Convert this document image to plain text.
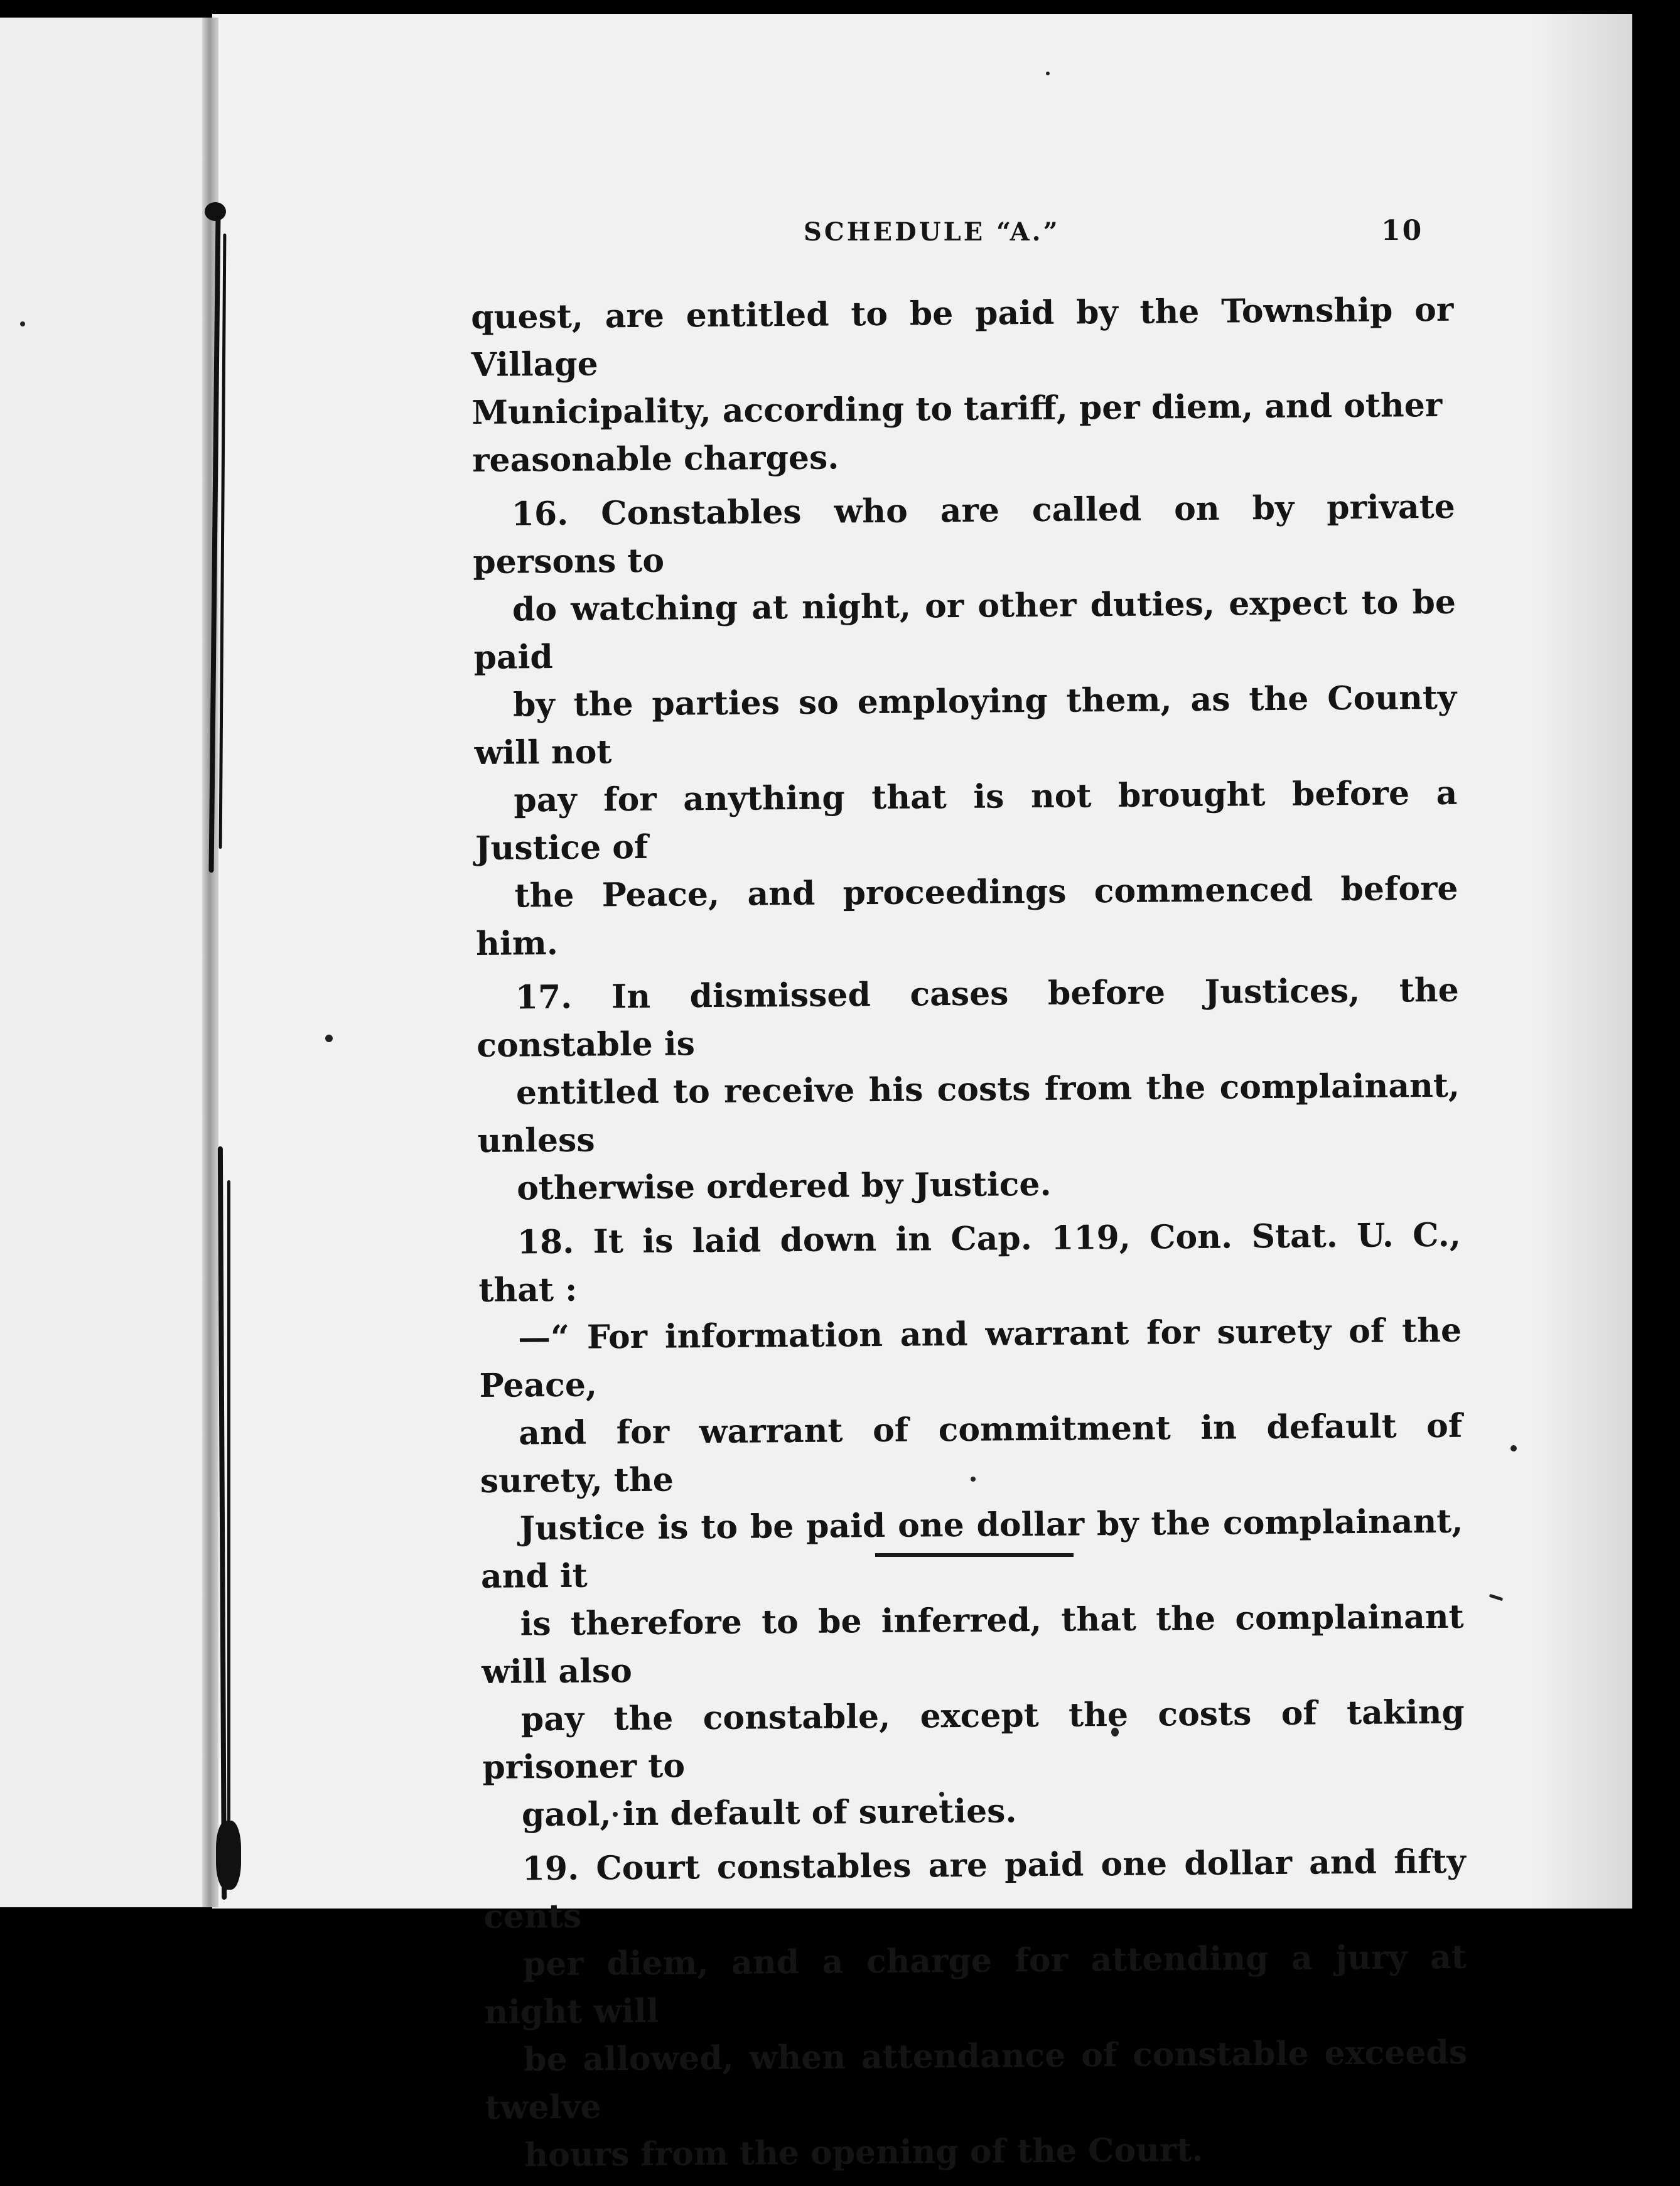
SCHEDULE “A.”	10
quest, are entitled to be paid by the Township or Village
Municipality, according to tariff, per diem, and other
reasonable charges.
16. Constables who are called on by private persons to
do watching at night, or other duties, expect to be paid
by the parties so employing them, as the County will not
pay for anything that is not brought before a Justice of
the Peace, and proceedings commenced before him.
17. In dismissed cases before Justices, the constable is
entitled to receive his costs from the complainant, unless
otherwise ordered by Justice.
18. It is laid down in Cap. 119, Con. Stat. U. C., that :
—“ For information and warrant for surety of the Peace,
and for warrant of commitment in default of surety, the
Justice is to be paid one dollar by the complainant, and it
is therefore to be inferred, that the complainant will also
pay the constable, except the costs of taking prisoner to
gaol, in default of sureties.
19. Court constables are paid one dollar and fifty cents
per diem, and a charge for attending a jury at night will
be allowed, when attendance of constable exceeds twelve
hours from the opening of the Court.
